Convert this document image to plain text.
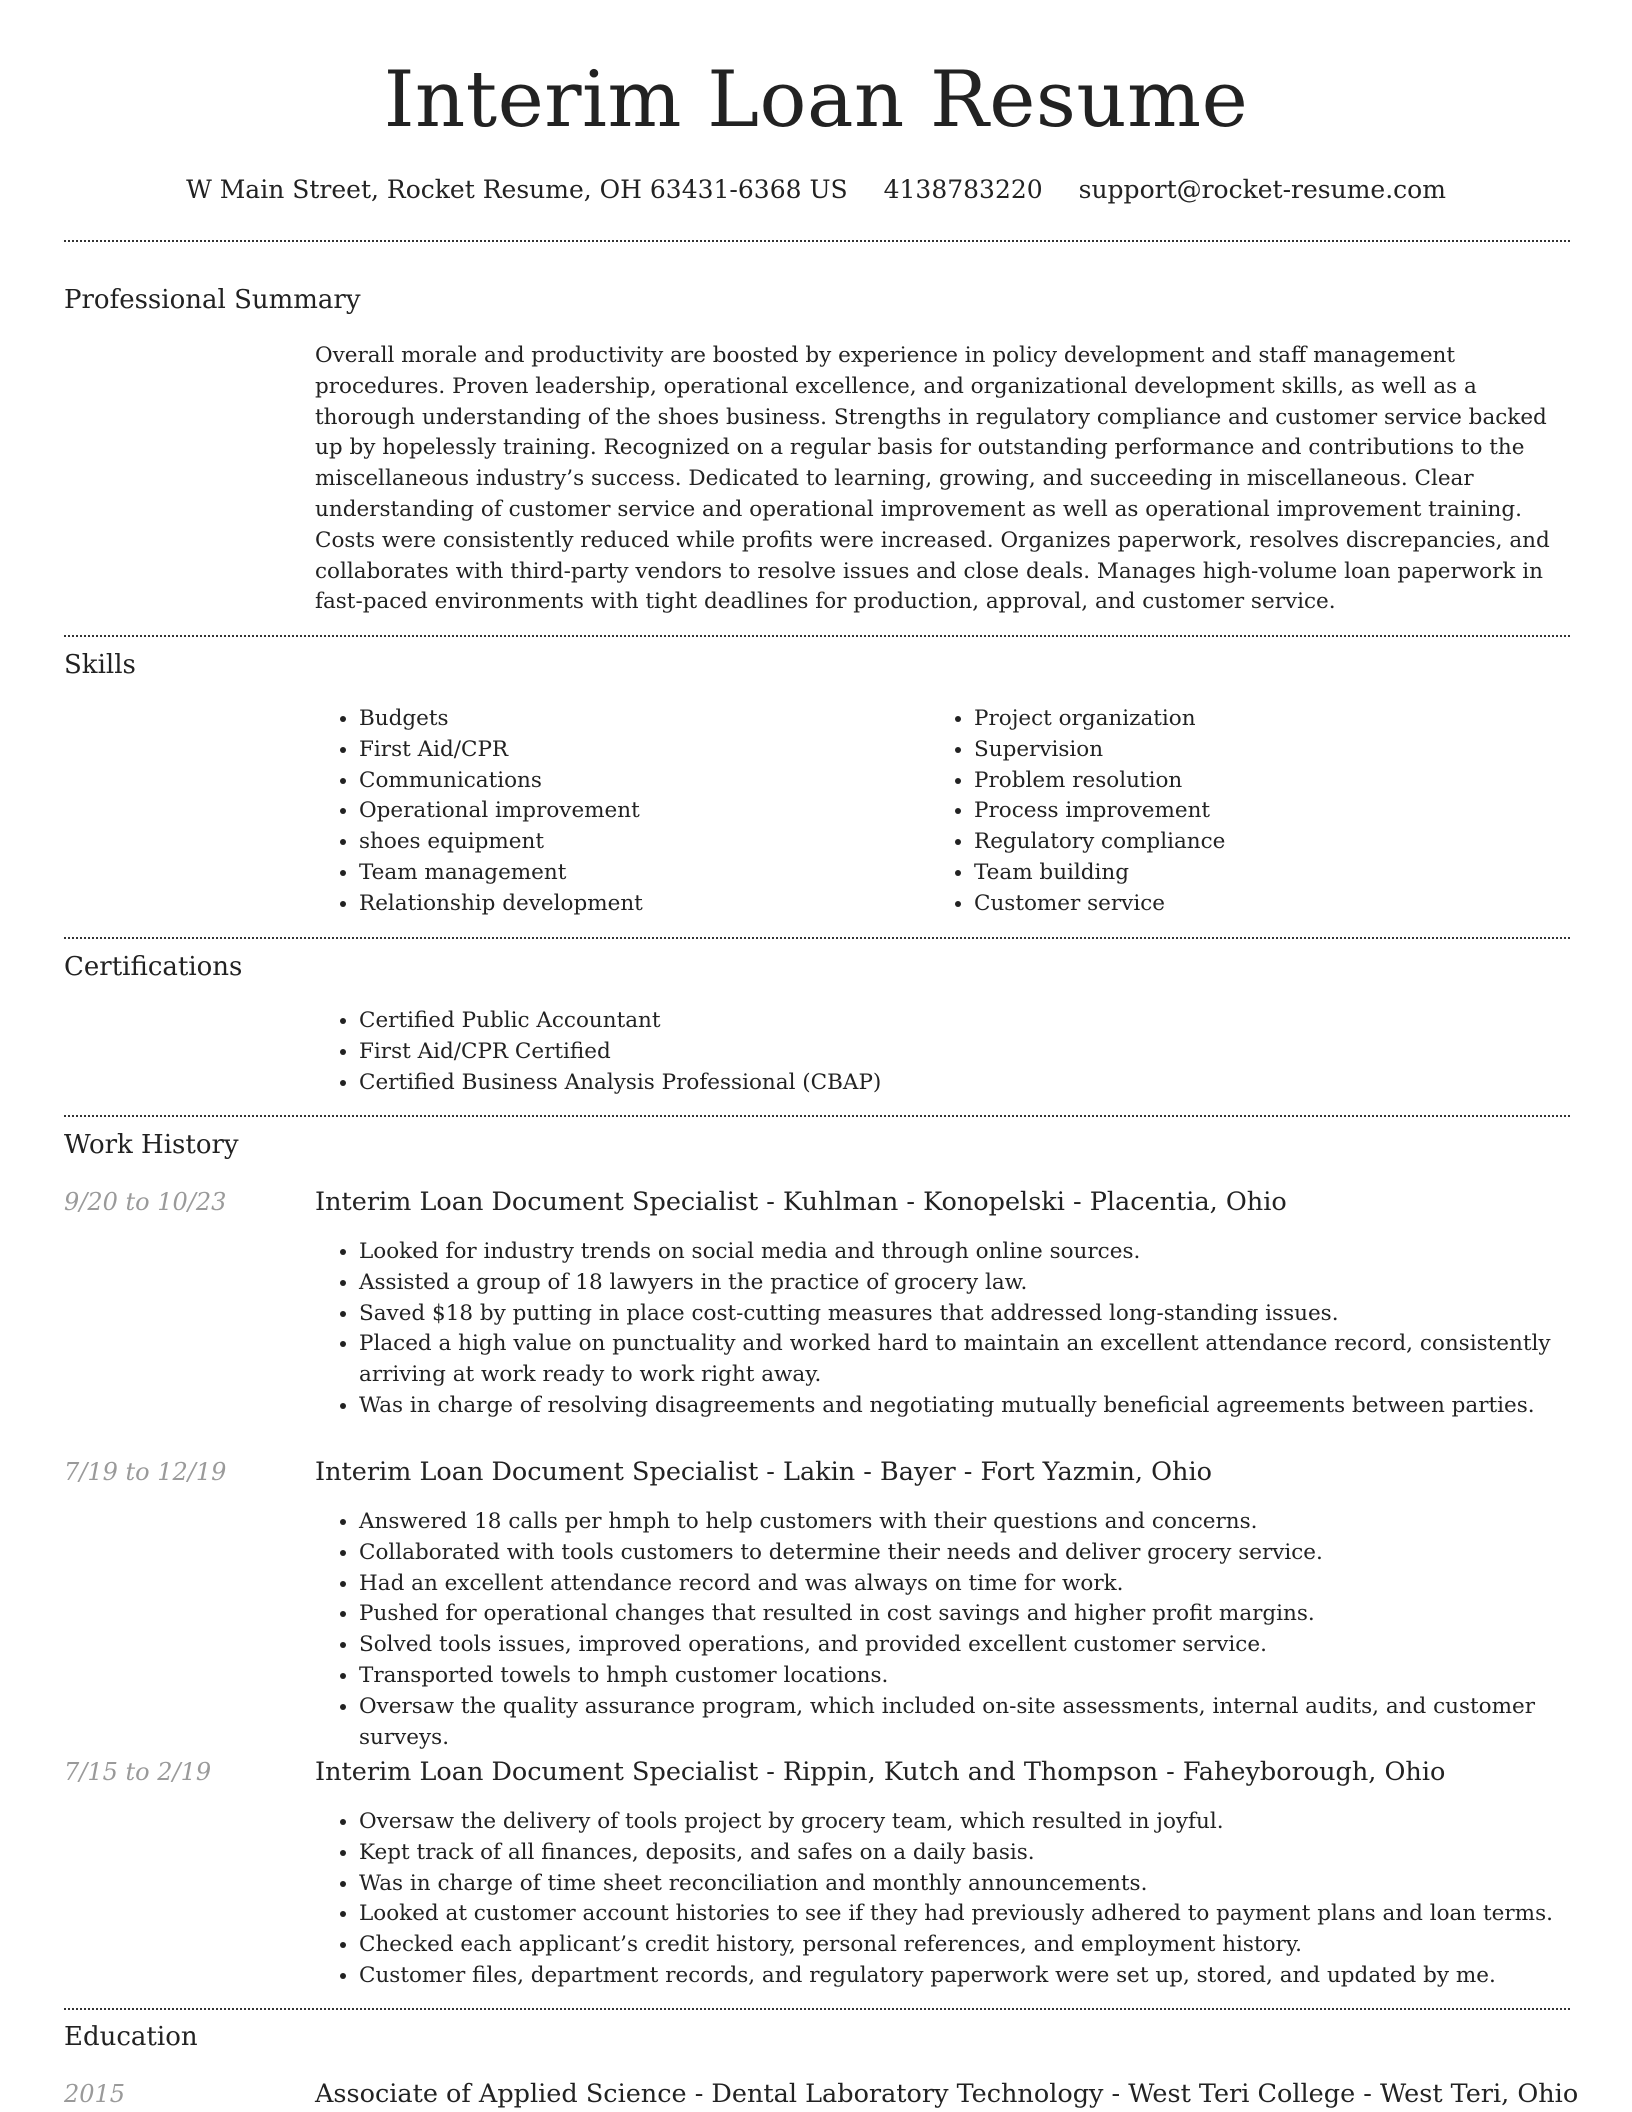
Interim Loan Resume
W Main Street, Rocket Resume, OH 63431-6368 US 4138783220 support@rocket-resume.com
Professional Summary

Overall morale and productivity are boosted by experience in policy development and staff management procedures. Proven leadership, operational excellence, and organizational development skills, as well as a thorough understanding of the shoes business. Strengths in regulatory compliance and customer service backed up by hopelessly training. Recognized on a regular basis for outstanding performance and contributions to the miscellaneous industry’s success. Dedicated to learning, growing, and succeeding in miscellaneous. Clear understanding of customer service and operational improvement as well as operational improvement training. Costs were consistently reduced while profits were increased. Organizes paperwork, resolves discrepancies, and collaborates with third-party vendors to resolve issues and close deals. Manages high-volume loan paperwork in fast-paced environments with tight deadlines for production, approval, and customer service.

Skills
• Budgets
• First Aid/CPR
• Communications
• Operational improvement
• shoes equipment
• Team management
• Relationship development
• Project organization
• Supervision
• Problem resolution
• Process improvement
• Regulatory compliance
• Team building
• Customer service
Certifications
• Certified Public Accountant
• First Aid/CPR Certified
• Certified Business Analysis Professional (CBAP)
Work History
9/20 to 10/23	Interim Loan Document Specialist - Kuhlman - Konopelski - Placentia, Ohio
• Looked for industry trends on social media and through online sources.
• Assisted a group of 18 lawyers in the practice of grocery law.
• Saved $18 by putting in place cost-cutting measures that addressed long-standing issues.
• Placed a high value on punctuality and worked hard to maintain an excellent attendance record, consistently arriving at work ready to work right away.
• Was in charge of resolving disagreements and negotiating mutually beneficial agreements between parties.
7/19 to 12/19	Interim Loan Document Specialist - Lakin - Bayer - Fort Yazmin, Ohio
• Answered 18 calls per hmph to help customers with their questions and concerns.
• Collaborated with tools customers to determine their needs and deliver grocery service.
• Had an excellent attendance record and was always on time for work.
• Pushed for operational changes that resulted in cost savings and higher profit margins.
• Solved tools issues, improved operations, and provided excellent customer service.
• Transported towels to hmph customer locations.
• Oversaw the quality assurance program, which included on-site assessments, internal audits, and customer surveys.
7/15 to 2/19	Interim Loan Document Specialist - Rippin, Kutch and Thompson - Faheyborough, Ohio
• Oversaw the delivery of tools project by grocery team, which resulted in joyful.
• Kept track of all finances, deposits, and safes on a daily basis.
• Was in charge of time sheet reconciliation and monthly announcements.
• Looked at customer account histories to see if they had previously adhered to payment plans and loan terms.
• Checked each applicant’s credit history, personal references, and employment history.
• Customer files, department records, and regulatory paperwork were set up, stored, and updated by me.
Education
2015	Associate of Applied Science - Dental Laboratory Technology - West Teri College - West Teri, Ohio
